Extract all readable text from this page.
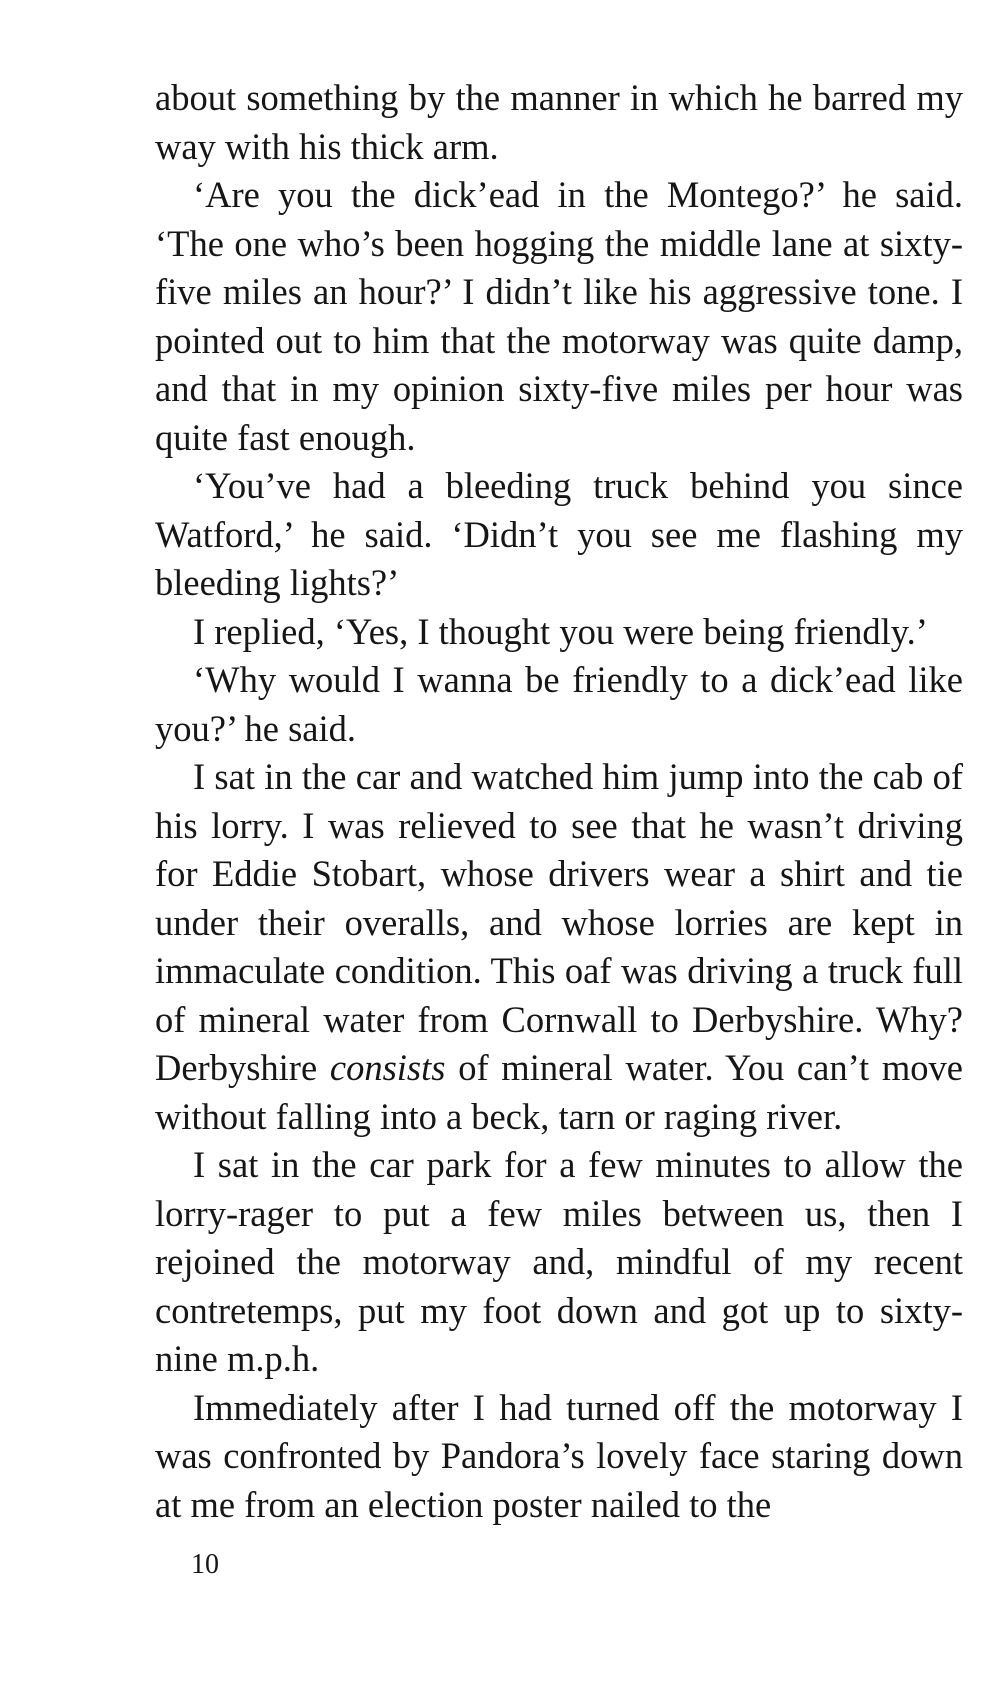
about something by the manner in which he barred my way with his thick arm.

‘Are you the dick’ead in the Montego?’ he said. ‘The one who’s been hogging the middle lane at sixty-five miles an hour?’ I didn’t like his aggressive tone. I pointed out to him that the motorway was quite damp, and that in my opinion sixty-five miles per hour was quite fast enough.

‘You’ve had a bleeding truck behind you since Watford,’ he said. ‘Didn’t you see me flashing my bleeding lights?’

I replied, ‘Yes, I thought you were being friendly.’

‘Why would I wanna be friendly to a dick’ead like you?’ he said.

I sat in the car and watched him jump into the cab of his lorry. I was relieved to see that he wasn’t driving for Eddie Stobart, whose drivers wear a shirt and tie under their overalls, and whose lorries are kept in immaculate condition. This oaf was driving a truck full of mineral water from Cornwall to Derbyshire. Why? Derbyshire consists of mineral water. You can’t move without falling into a beck, tarn or raging river.

I sat in the car park for a few minutes to allow the lorry-rager to put a few miles between us, then I rejoined the motorway and, mindful of my recent contretemps, put my foot down and got up to sixty-nine m.p.h.

Immediately after I had turned off the motorway I was confronted by Pandora’s lovely face staring down at me from an election poster nailed to the

10
